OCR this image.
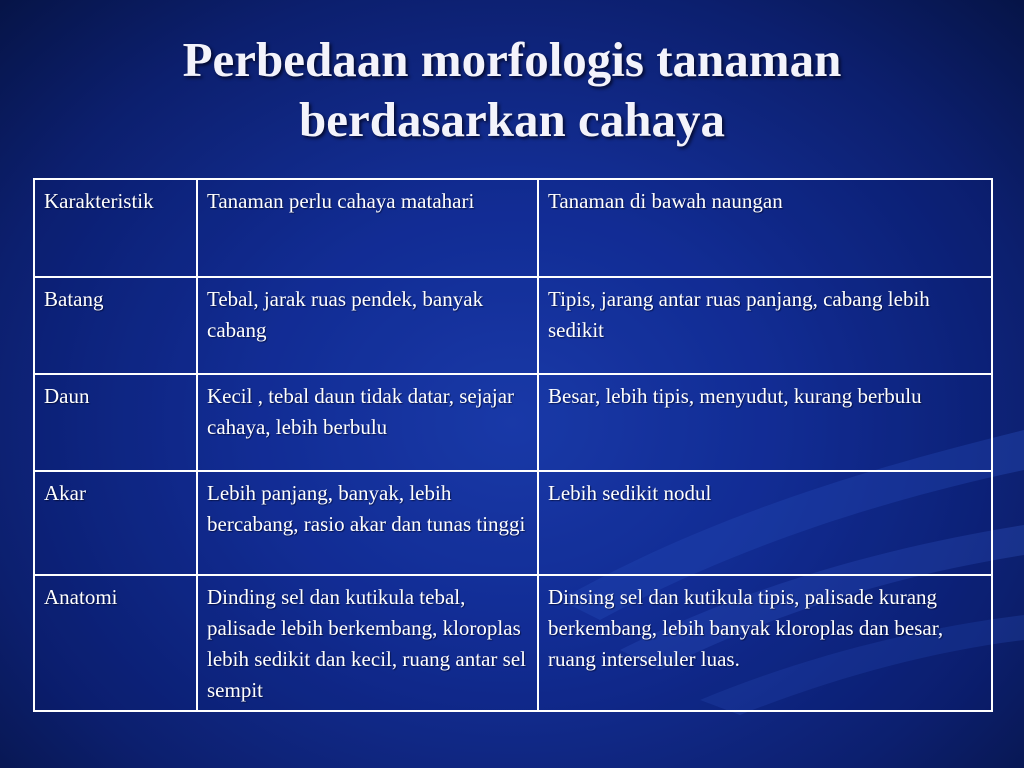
Perbedaan morfologis tanaman
berdasarkan cahaya
Karakteristik	Tanaman perlu cahaya matahari	Tanaman di bawah naungan
Batang	Tebal, jarak ruas pendek, banyak cabang	Tipis, jarang antar ruas panjang, cabang lebih sedikit
Daun	Kecil , tebal daun tidak datar, sejajar cahaya, lebih berbulu	Besar, lebih tipis, menyudut, kurang berbulu
Akar	Lebih panjang, banyak, lebih bercabang, rasio akar dan tunas tinggi	Lebih sedikit nodul
Anatomi	Dinding sel dan kutikula tebal, palisade lebih berkembang, kloroplas lebih sedikit dan kecil, ruang antar sel sempit	Dinsing sel dan kutikula tipis, palisade kurang berkembang, lebih banyak kloroplas dan besar, ruang interseluler luas.
